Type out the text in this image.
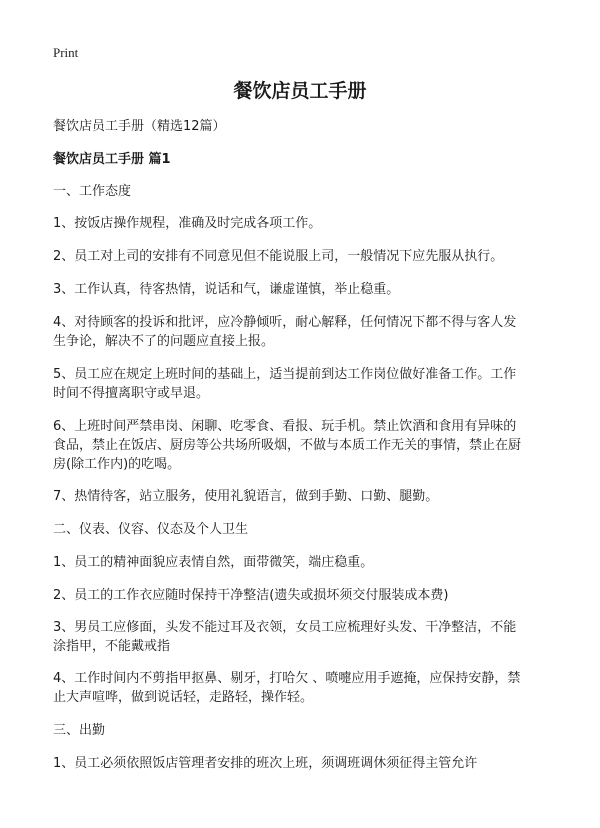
Print
餐饮店员工手册

餐饮店员工手册（精选12篇）

餐饮店员工手册 篇1

一、工作态度

1、按饭店操作规程，准确及时完成各项工作。

2、员工对上司的安排有不同意见但不能说服上司，一般情况下应先服从执行。

3、工作认真，待客热情，说话和气，谦虚谨慎，举止稳重。

4、对待顾客的投诉和批评，应冷静倾听，耐心解释，任何情况下都不得与客人发
生争论，解决不了的问题应直接上报。

5、员工应在规定上班时间的基础上，适当提前到达工作岗位做好准备工作。工作
时间不得擅离职守或早退。

6、上班时间严禁串岗、闲聊、吃零食、看报、玩手机。禁止饮酒和食用有异味的
食品，禁止在饭店、厨房等公共场所吸烟，不做与本质工作无关的事情，禁止在厨
房(除工作内)的吃喝。

7、热情待客，站立服务，使用礼貌语言，做到手勤、口勤、腿勤。

二、仪表、仪容、仪态及个人卫生

1、员工的精神面貌应表情自然，面带微笑，端庄稳重。

2、员工的工作衣应随时保持干净整洁(遗失或损坏须交付服装成本费)

3、男员工应修面，头发不能过耳及衣领，女员工应梳理好头发、干净整洁，不能
涂指甲，不能戴戒指

4、工作时间内不剪指甲抠鼻、剔牙，打哈欠 、喷嚏应用手遮掩，应保持安静，禁
止大声喧哗，做到说话轻，走路轻，操作轻。

三、出勤

1、员工必须依照饭店管理者安排的班次上班，须调班调休须征得主管允许
